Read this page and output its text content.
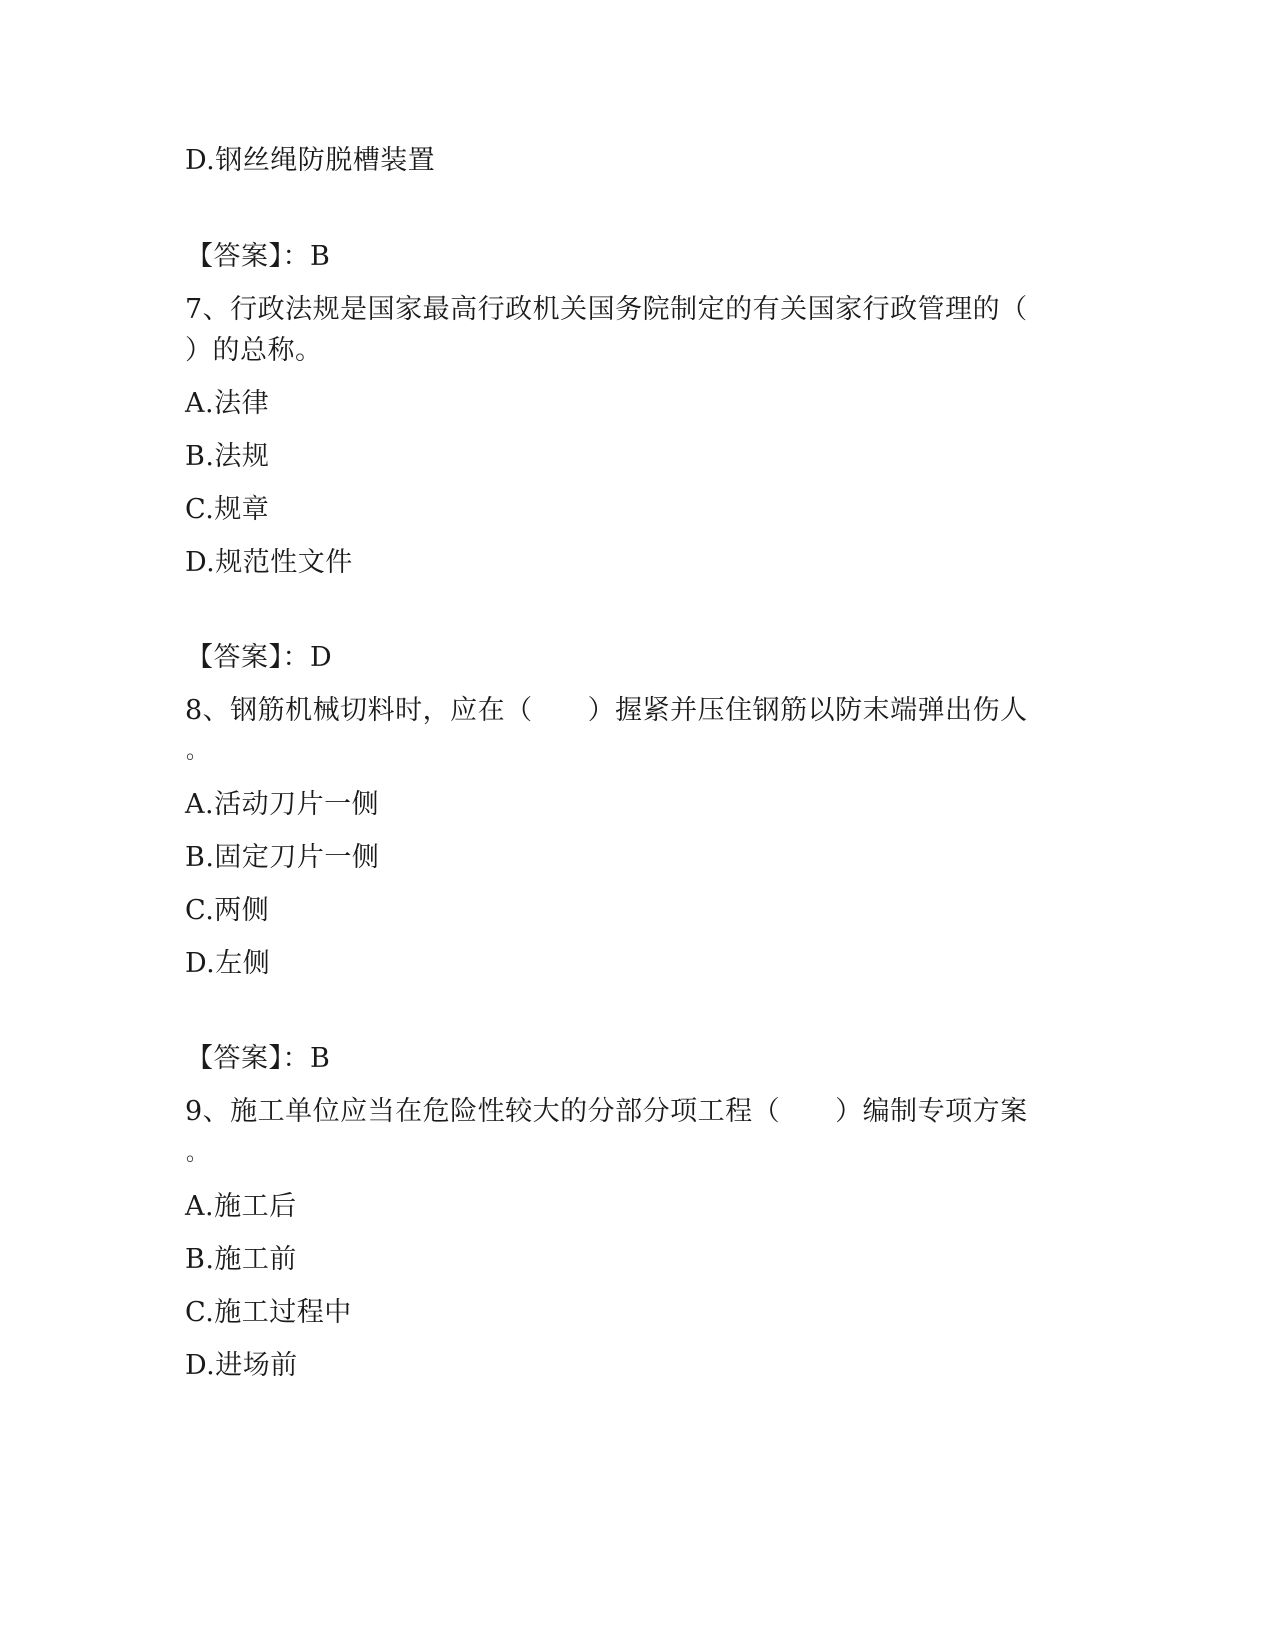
D.钢丝绳防脱槽装置
【答案】：B
7、行政法规是国家最高行政机关国务院制定的有关国家行政管理的（
）的总称。
A.法律
B.法规
C.规章
D.规范性文件
【答案】：D
8、钢筋机械切料时，应在（　　）握紧并压住钢筋以防末端弹出伤人
。
A.活动刀片一侧
B.固定刀片一侧
C.两侧
D.左侧
【答案】：B
9、施工单位应当在危险性较大的分部分项工程（　　）编制专项方案
。
A.施工后
B.施工前
C.施工过程中
D.进场前
